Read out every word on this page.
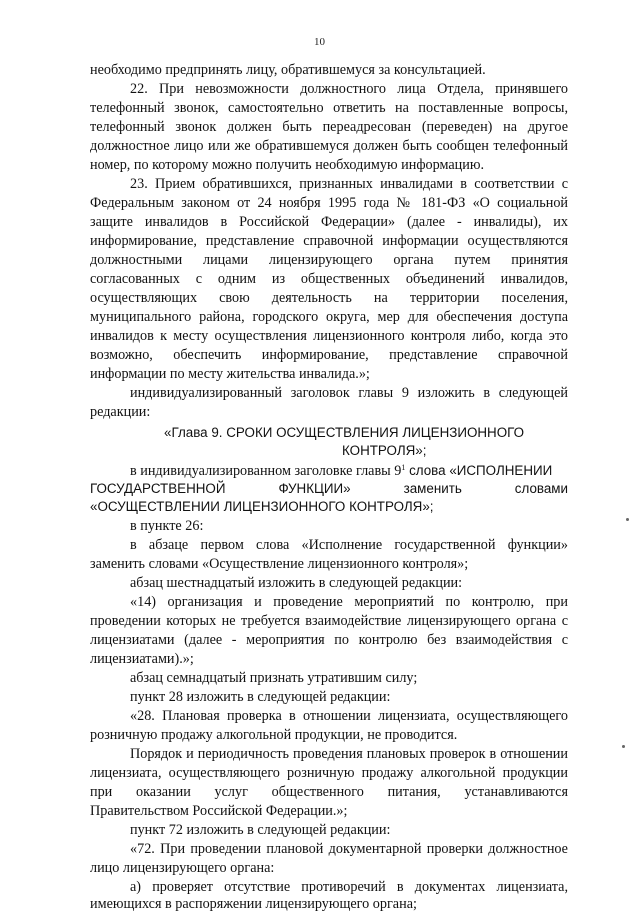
10
необходимо предпринять лицу, обратившемуся за консультацией.
22. При невозможности должностного лица Отдела, принявшего
телефонный звонок, самостоятельно ответить на поставленные вопросы,
телефонный звонок должен быть переадресован (переведен) на другое
должностное лицо или же обратившемуся должен быть сообщен телефонный
номер, по которому можно получить необходимую информацию.
23. Прием обратившихся, признанных инвалидами в соответствии с
Федеральным законом от 24 ноября 1995 года № 181-ФЗ «О социальной
защите инвалидов в Российской Федерации» (далее - инвалиды), их
информирование, представление справочной информации осуществляются
должностными лицами лицензирующего органа путем принятия
согласованных с одним из общественных объединений инвалидов,
осуществляющих свою деятельность на территории поселения,
муниципального района, городского округа, мер для обеспечения доступа
инвалидов к месту осуществления лицензионного контроля либо, когда это
возможно, обеспечить информирование, представление справочной
информации по месту жительства инвалида.»;
индивидуализированный заголовок главы 9 изложить в следующей
редакции:
«Глава 9. СРОКИ ОСУЩЕСТВЛЕНИЯ ЛИЦЕНЗИОННОГО
КОНТРОЛЯ»;
в индивидуализированном заголовке главы $9^1$ слова «ИСПОЛНЕНИИ
ГОСУДАРСТВЕННОЙ ФУНКЦИИ» заменить словами
«ОСУЩЕСТВЛЕНИИ ЛИЦЕНЗИОННОГО КОНТРОЛЯ»;
в пункте 26:
в абзаце первом слова «Исполнение государственной функции»
заменить словами «Осуществление лицензионного контроля»;
абзац шестнадцатый изложить в следующей редакции:
«14) организация и проведение мероприятий по контролю, при
проведении которых не требуется взаимодействие лицензирующего органа с
лицензиатами (далее - мероприятия по контролю без взаимодействия с
лицензиатами).»;
абзац семнадцатый признать утратившим силу;
пункт 28 изложить в следующей редакции:
«28. Плановая проверка в отношении лицензиата, осуществляющего
розничную продажу алкогольной продукции, не проводится.
Порядок и периодичность проведения плановых проверок в отношении
лицензиата, осуществляющего розничную продажу алкогольной продукции
при оказании услуг общественного питания, устанавливаются
Правительством Российской Федерации.»;
пункт 72 изложить в следующей редакции:
«72. При проведении плановой документарной проверки должностное
лицо лицензирующего органа:
а) проверяет отсутствие противоречий в документах лицензиата,
имеющихся в распоряжении лицензирующего органа;
